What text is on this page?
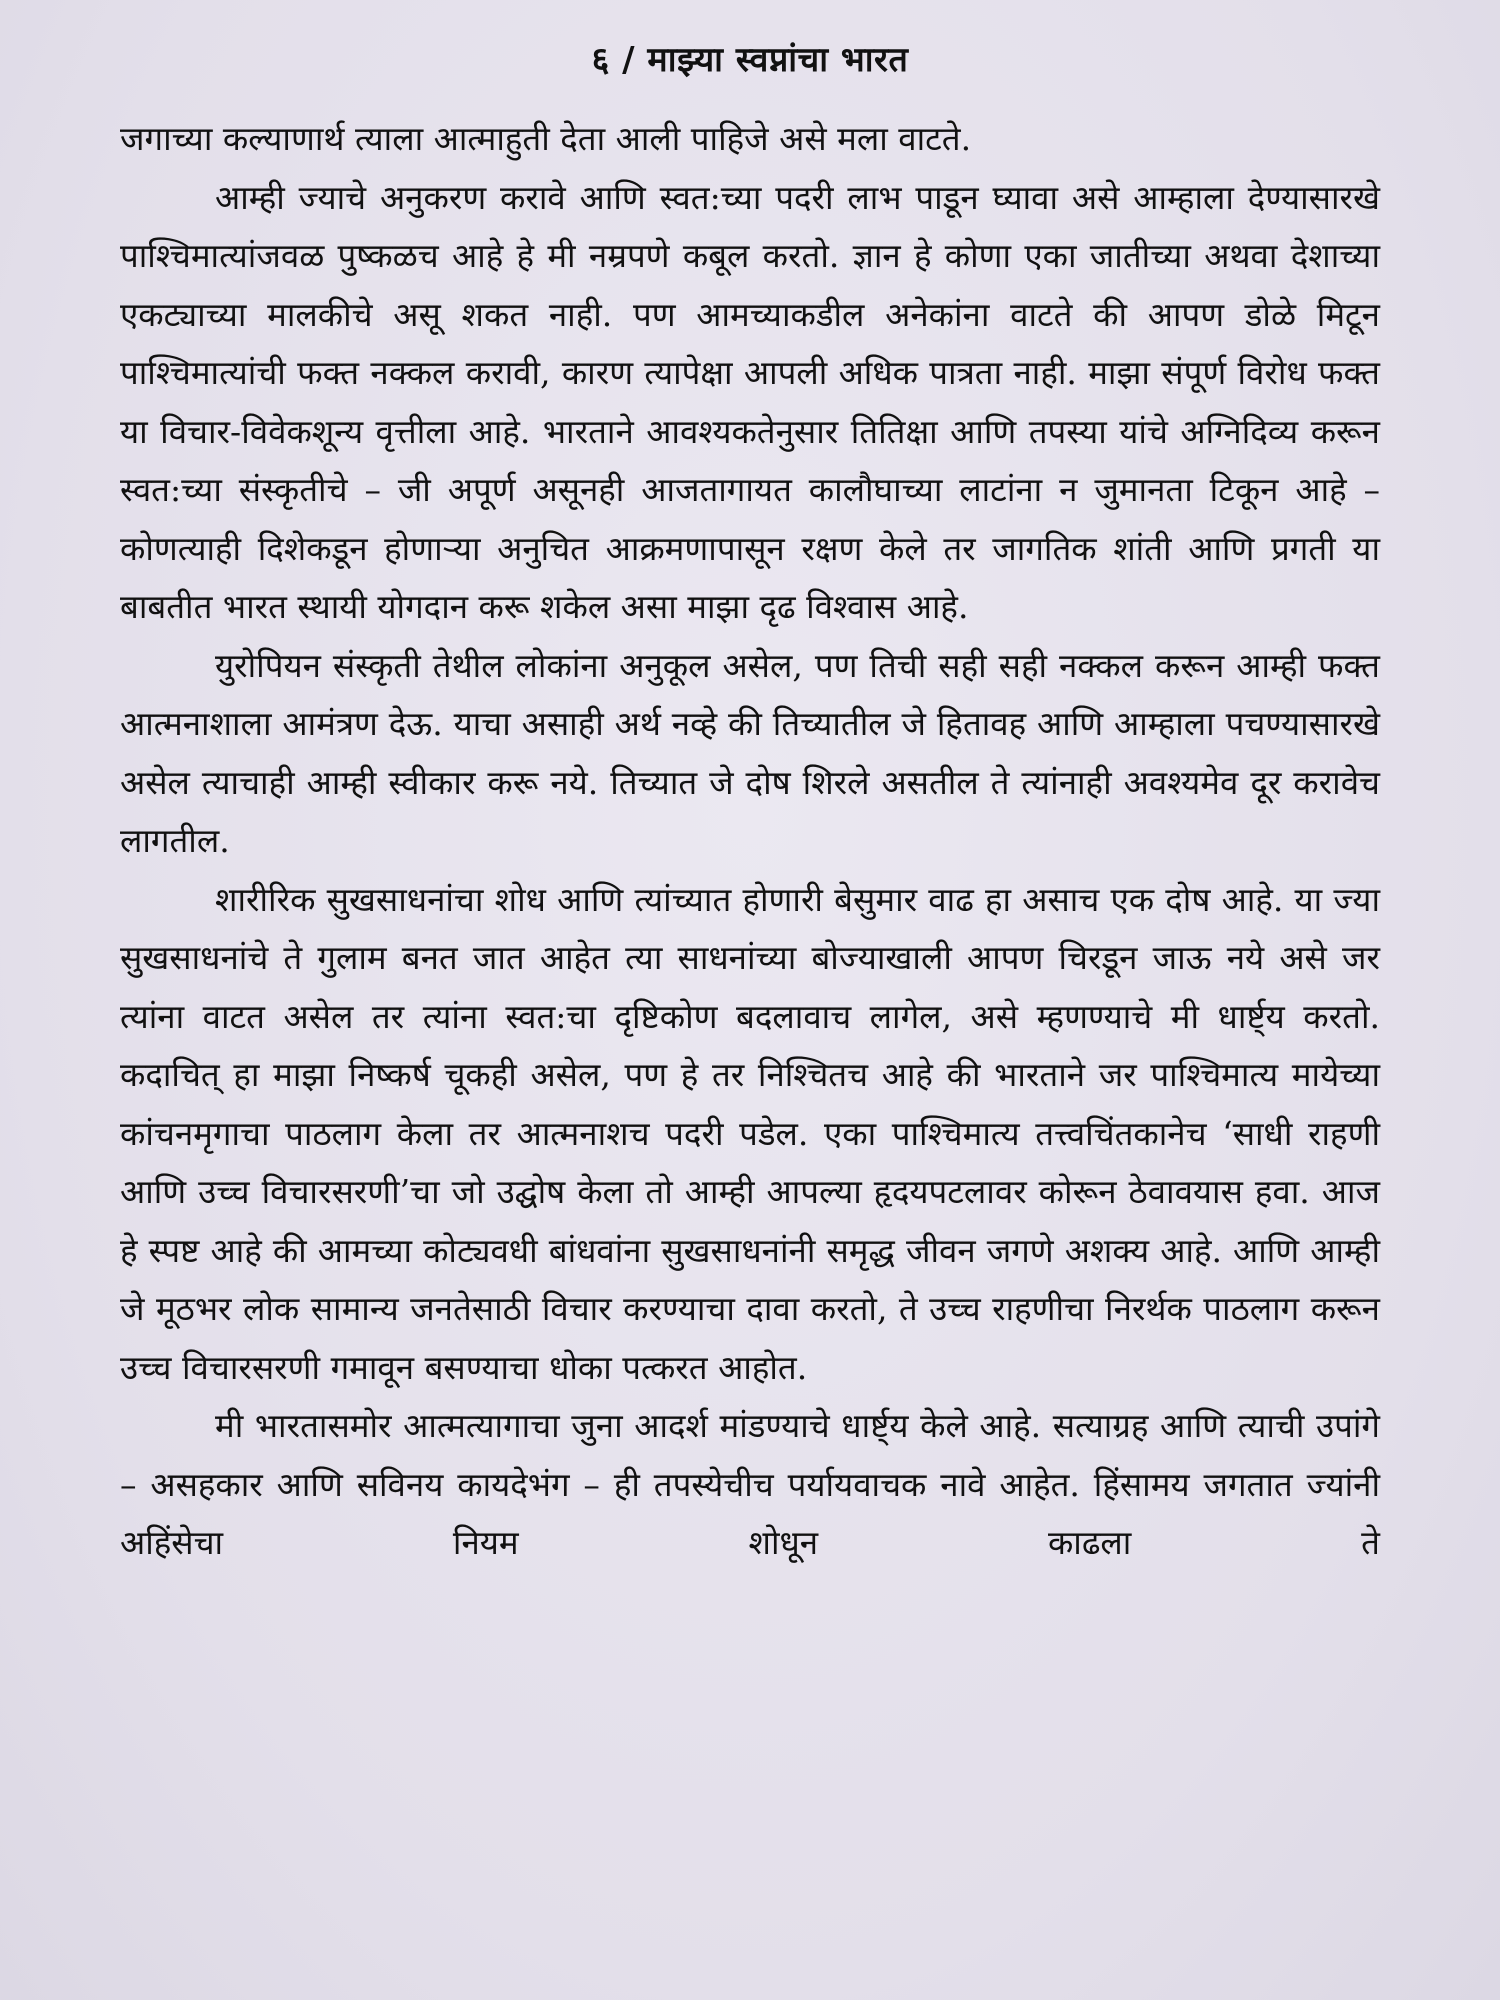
६ / माझ्या स्वप्नांचा भारत

जगाच्या कल्याणार्थ त्याला आत्माहुती देता आली पाहिजे असे मला वाटते.

आम्ही ज्याचे अनुकरण करावे आणि स्वत:च्या पदरी लाभ पाडून घ्यावा असे आम्हाला देण्यासारखे पाश्चिमात्यांजवळ पुष्कळच आहे हे मी नम्रपणे कबूल करतो. ज्ञान हे कोणा एका जातीच्या अथवा देशाच्या एकट्याच्या मालकीचे असू शकत नाही. पण आमच्याकडील अनेकांना वाटते की आपण डोळे मिटून पाश्चिमात्यांची फक्त नक्कल करावी, कारण त्यापेक्षा आपली अधिक पात्रता नाही. माझा संपूर्ण विरोध फक्त या विचार-विवेकशून्य वृत्तीला आहे. भारताने आवश्यकतेनुसार तितिक्षा आणि तपस्या यांचे अग्निदिव्य करून स्वत:च्या संस्कृतीचे – जी अपूर्ण असूनही आजतागायत कालौघाच्या लाटांना न जुमानता टिकून आहे – कोणत्याही दिशेकडून होणाऱ्या अनुचित आक्रमणापासून रक्षण केले तर जागतिक शांती आणि प्रगती या बाबतीत भारत स्थायी योगदान करू शकेल असा माझा दृढ विश्वास आहे.

युरोपियन संस्कृती तेथील लोकांना अनुकूल असेल, पण तिची सही सही नक्कल करून आम्ही फक्त आत्मनाशाला आमंत्रण देऊ. याचा असाही अर्थ नव्हे की तिच्यातील जे हितावह आणि आम्हाला पचण्यासारखे असेल त्याचाही आम्ही स्वीकार करू नये. तिच्यात जे दोष शिरले असतील ते त्यांनाही अवश्यमेव दूर करावेच लागतील.

शारीरिक सुखसाधनांचा शोध आणि त्यांच्यात होणारी बेसुमार वाढ हा असाच एक दोष आहे. या ज्या सुखसाधनांचे ते गुलाम बनत जात आहेत त्या साधनांच्या बोज्याखाली आपण चिरडून जाऊ नये असे जर त्यांना वाटत असेल तर त्यांना स्वत:चा दृष्टिकोण बदलावाच लागेल, असे म्हणण्याचे मी धार्ष्ट्य करतो. कदाचित् हा माझा निष्कर्ष चूकही असेल, पण हे तर निश्चितच आहे की भारताने जर पाश्चिमात्य मायेच्या कांचनमृगाचा पाठलाग केला तर आत्मनाशच पदरी पडेल. एका पाश्चिमात्य तत्त्वचिंतकानेच ‘साधी राहणी आणि उच्च विचारसरणी’चा जो उद्घोष केला तो आम्ही आपल्या हृदयपटलावर कोरून ठेवावयास हवा. आज हे स्पष्ट आहे की आमच्या कोट्यवधी बांधवांना सुखसाधनांनी समृद्ध जीवन जगणे अशक्य आहे. आणि आम्ही जे मूठभर लोक सामान्य जनतेसाठी विचार करण्याचा दावा करतो, ते उच्च राहणीचा निरर्थक पाठलाग करून उच्च विचारसरणी गमावून बसण्याचा धोका पत्करत आहोत.

मी भारतासमोर आत्मत्यागाचा जुना आदर्श मांडण्याचे धार्ष्ट्य केले आहे. सत्याग्रह आणि त्याची उपांगे – असहकार आणि सविनय कायदेभंग – ही तपस्येचीच पर्यायवाचक नावे आहेत. हिंसामय जगतात ज्यांनी अहिंसेचा नियम शोधून काढला ते
